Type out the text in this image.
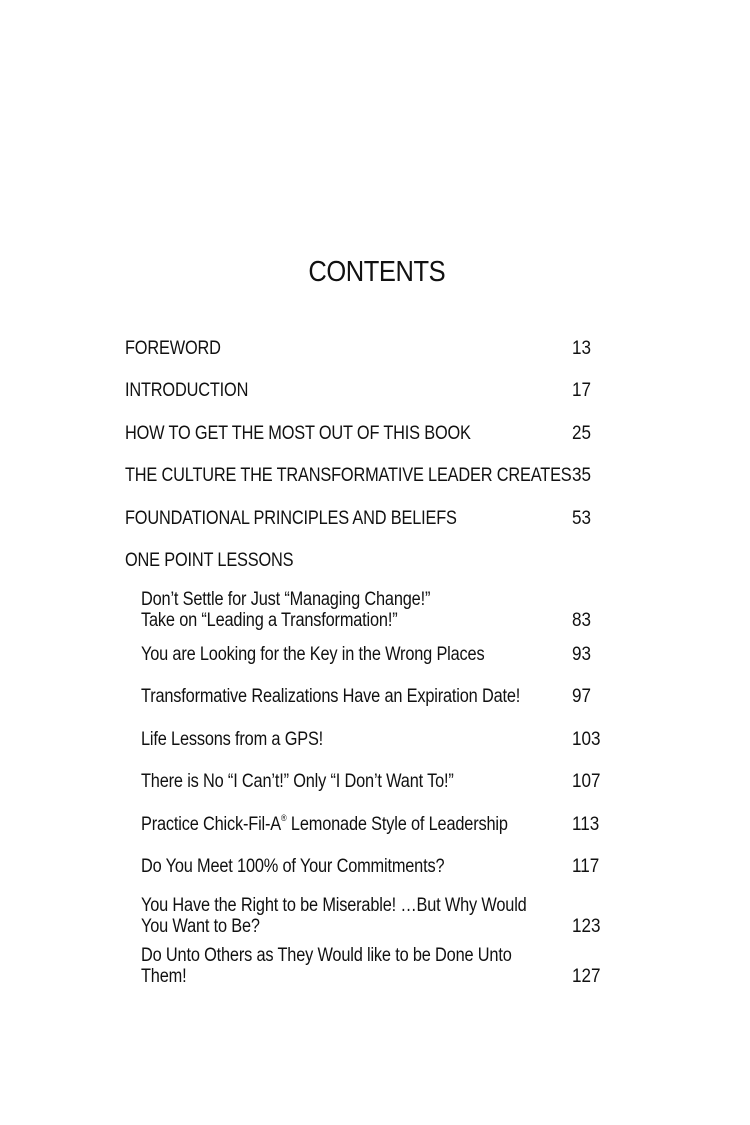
CONTENTS
FOREWORD	13
INTRODUCTION	17
HOW TO GET THE MOST OUT OF THIS BOOK	25
THE CULTURE THE TRANSFORMATIVE LEADER CREATES 35
FOUNDATIONAL PRINCIPLES AND BELIEFS	53
ONE POINT LESSONS
Don’t Settle for Just “Managing Change!”
Take on “Leading a Transformation!”	83
You are Looking for the Key in the Wrong Places	93
Transformative Realizations Have an Expiration Date!	97
Life Lessons from a GPS!	103
There is No “I Can’t!” Only “I Don’t Want To!”	107
Practice Chick-Fil-A® Lemonade Style of Leadership	113
Do You Meet 100% of Your Commitments?	117
You Have the Right to be Miserable! …But Why Would
You Want to Be?	123
Do Unto Others as They Would like to be Done Unto
Them!	127
